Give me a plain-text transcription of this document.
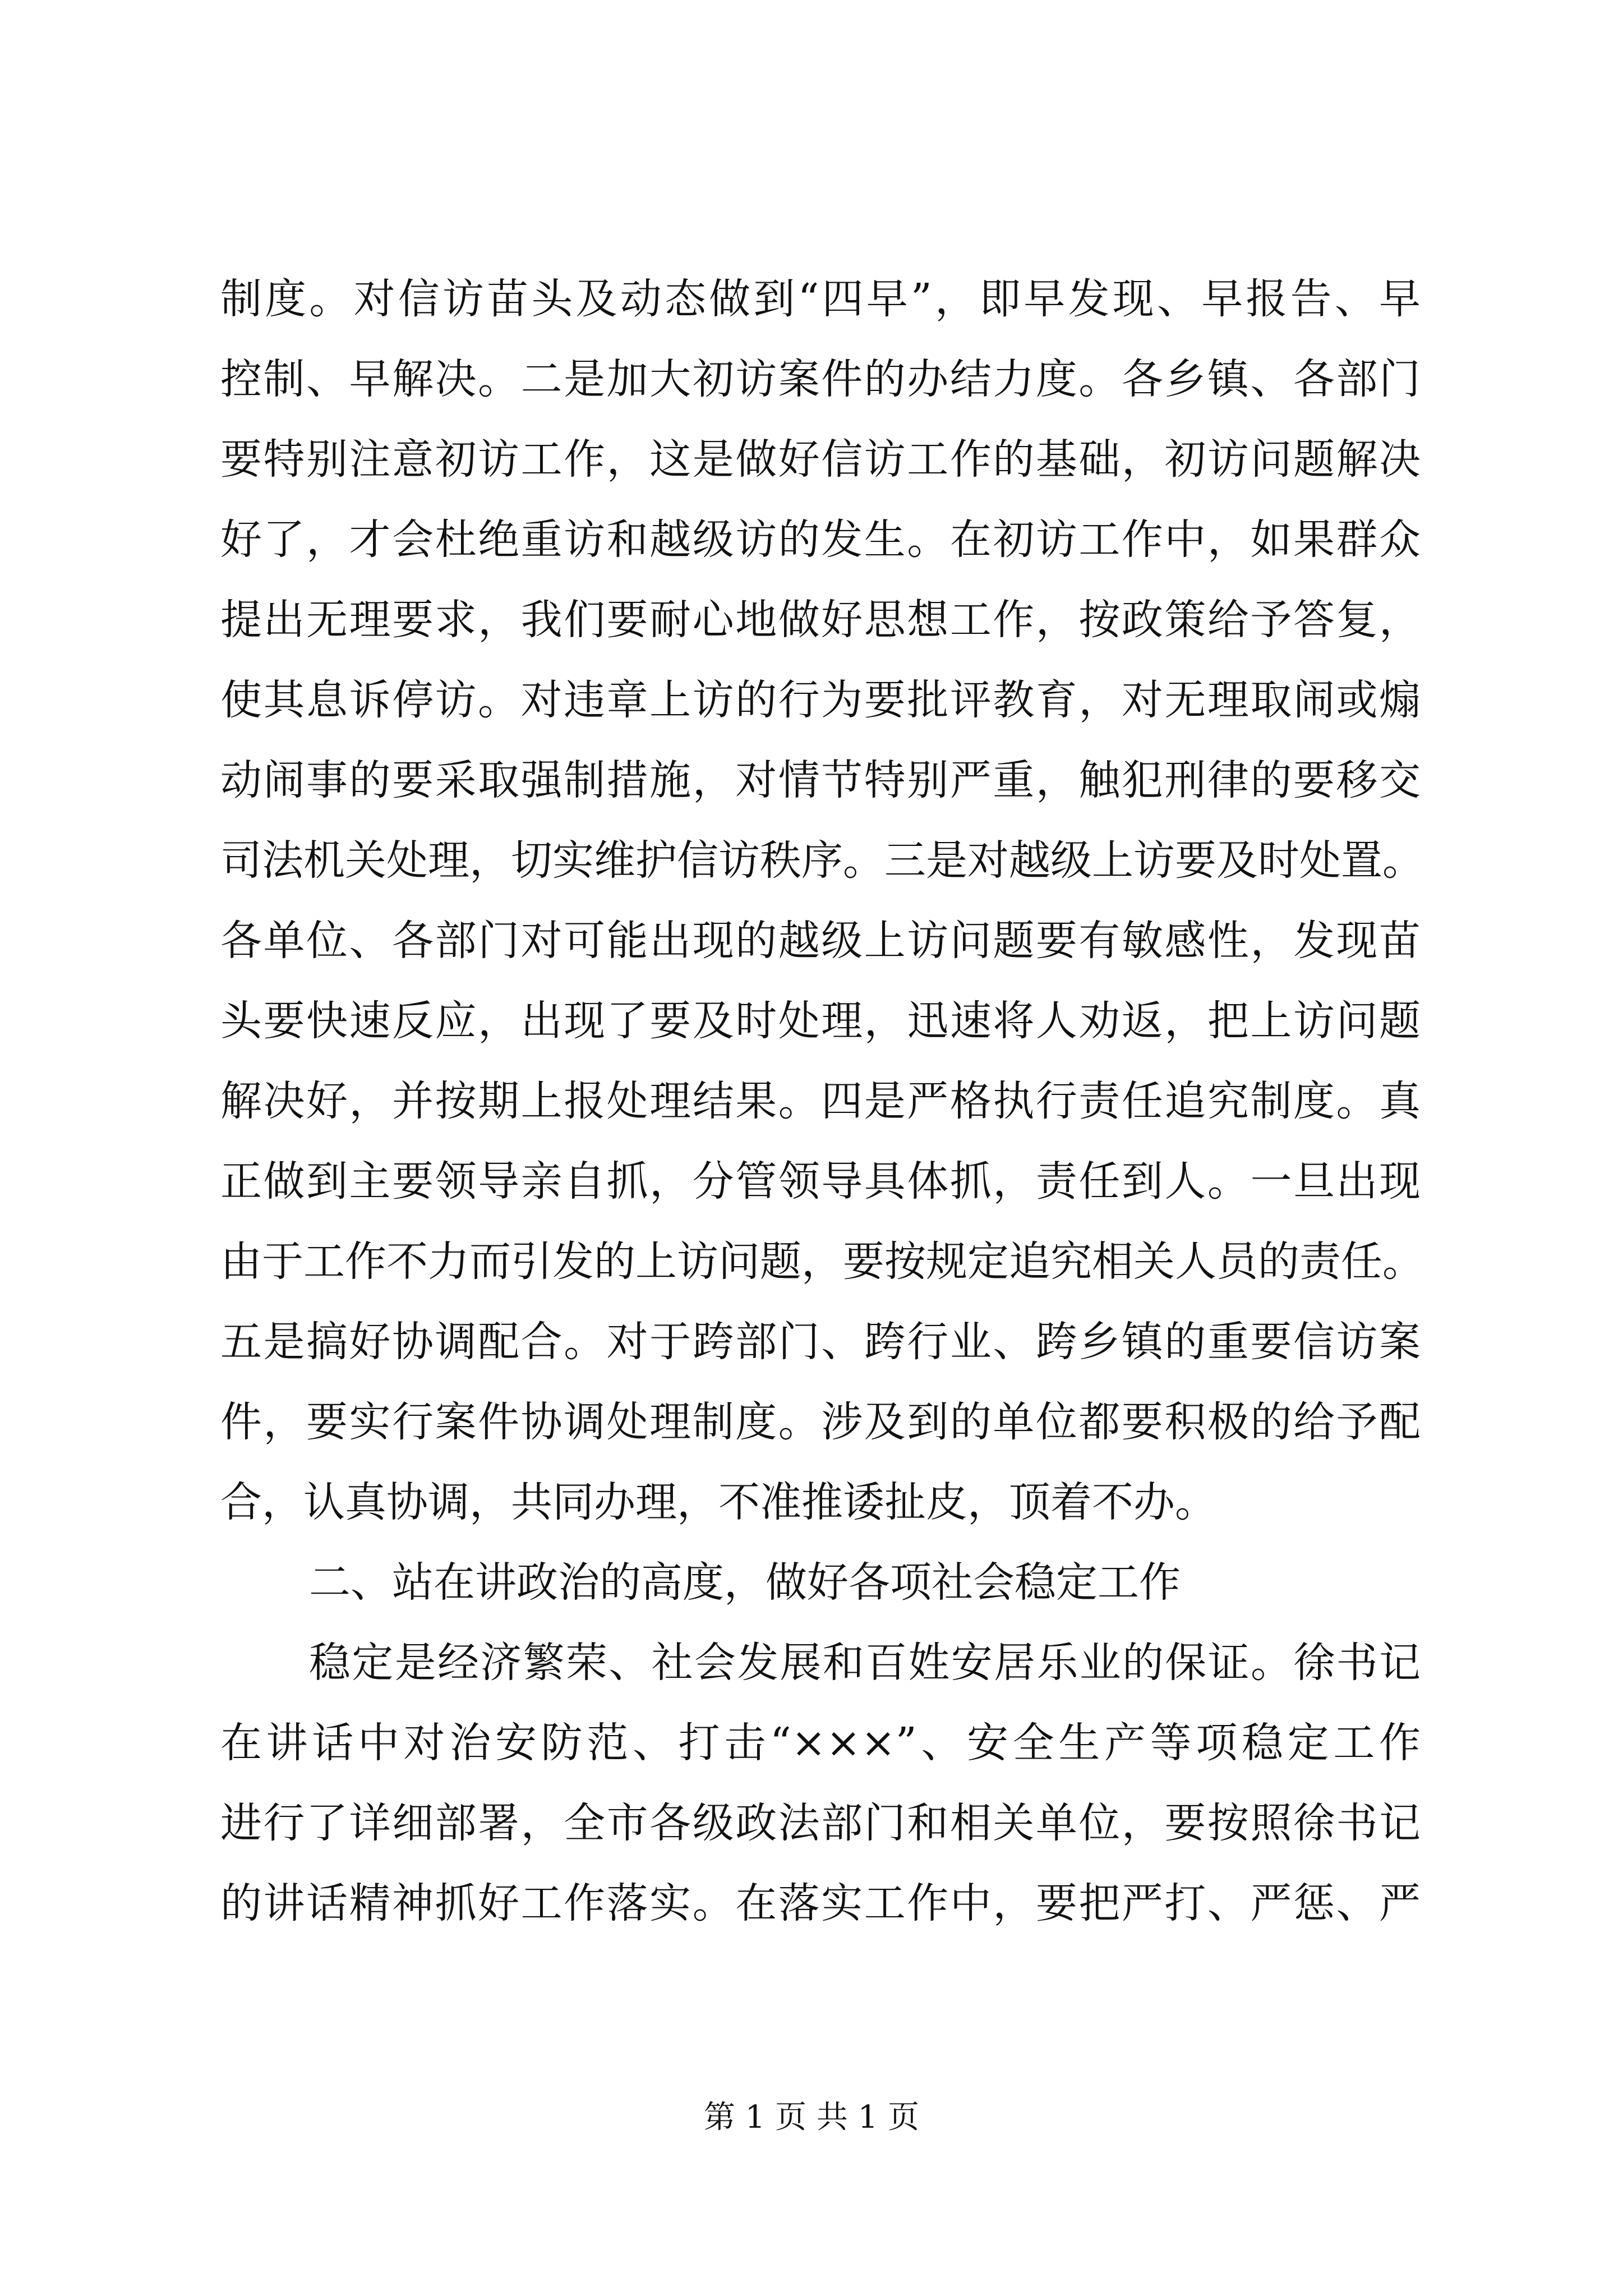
制度。对信访苗头及动态做到“四早”，即早发现、早报告、早
控制、早解决。二是加大初访案件的办结力度。各乡镇、各部门
要特别注意初访工作，这是做好信访工作的基础，初访问题解决
好了，才会杜绝重访和越级访的发生。在初访工作中，如果群众
提出无理要求，我们要耐心地做好思想工作，按政策给予答复，
使其息诉停访。对违章上访的行为要批评教育，对无理取闹或煽
动闹事的要采取强制措施，对情节特别严重，触犯刑律的要移交
司法机关处理，切实维护信访秩序。三是对越级上访要及时处置。
各单位、各部门对可能出现的越级上访问题要有敏感性，发现苗
头要快速反应，出现了要及时处理，迅速将人劝返，把上访问题
解决好，并按期上报处理结果。四是严格执行责任追究制度。真
正做到主要领导亲自抓，分管领导具体抓，责任到人。一旦出现
由于工作不力而引发的上访问题，要按规定追究相关人员的责任。
五是搞好协调配合。对于跨部门、跨行业、跨乡镇的重要信访案
件，要实行案件协调处理制度。涉及到的单位都要积极的给予配
合，认真协调，共同办理，不准推诿扯皮，顶着不办。
二、站在讲政治的高度，做好各项社会稳定工作
稳定是经济繁荣、社会发展和百姓安居乐业的保证。徐书记
在讲话中对治安防范、打击“×××”、安全生产等项稳定工作
进行了详细部署，全市各级政法部门和相关单位，要按照徐书记
的讲话精神抓好工作落实。在落实工作中，要把严打、严惩、严
第 1 页 共 1 页
